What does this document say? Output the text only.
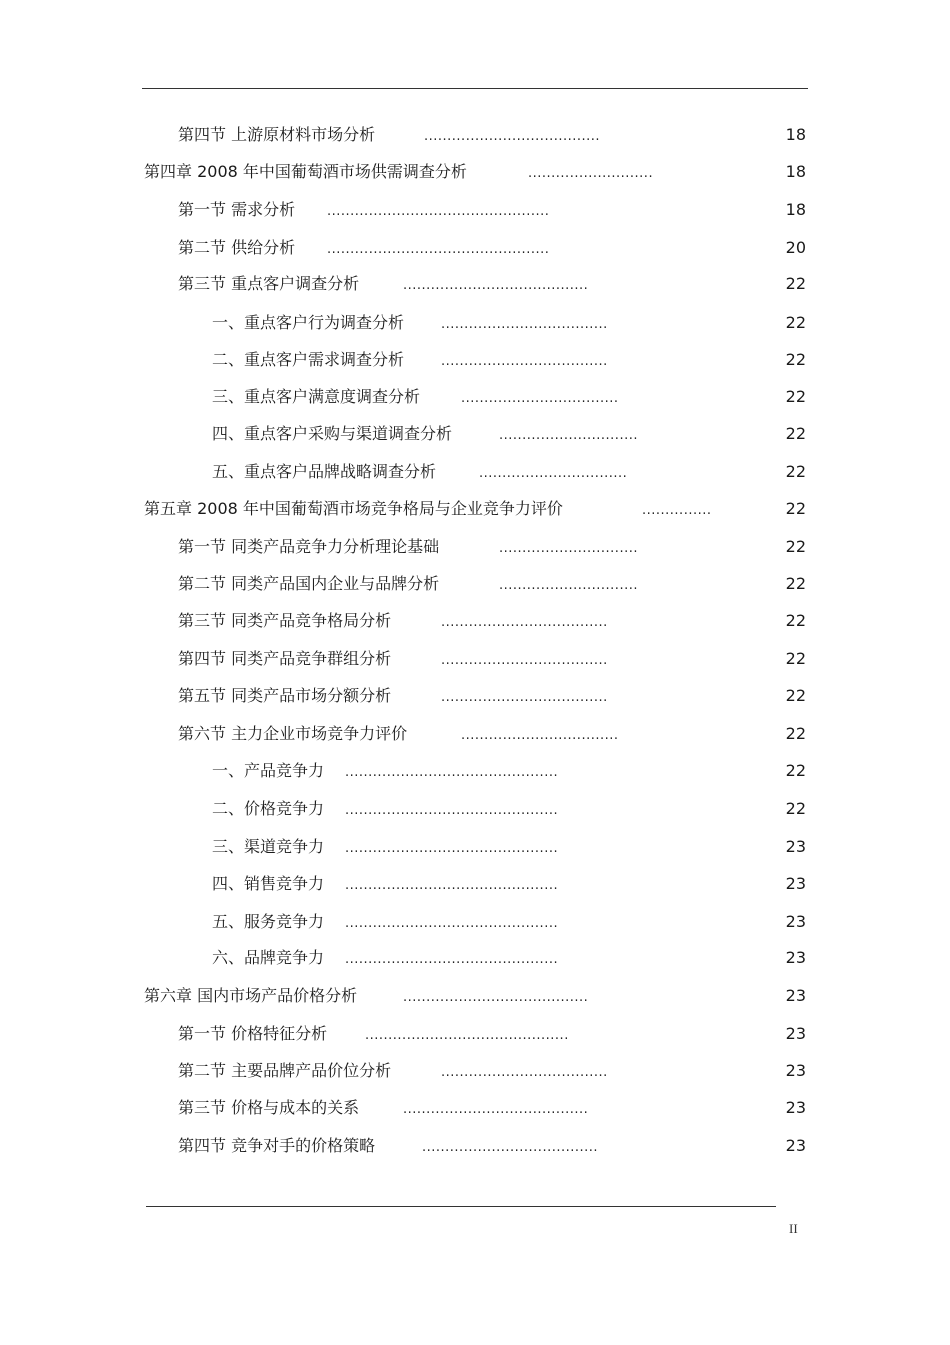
第四节 上游原材料市场分析	......................................	18
第四章 2008 年中国葡萄酒市场供需调查分析	...........................	18
第一节 需求分析 ................................................	18
第二节 供给分析 ................................................	20
第三节 重点客户调查分析	........................................	22
一、重点客户行为调查分析	....................................	22
二、重点客户需求调查分析	....................................	22
三、重点客户满意度调查分析	..................................	22
四、重点客户采购与渠道调查分析	..............................	22
五、重点客户品牌战略调查分析	................................	22
第五章 2008 年中国葡萄酒市场竞争格局与企业竞争力评价	...............	22
第一节 同类产品竞争力分析理论基础	..............................	22
第二节 同类产品国内企业与品牌分析	..............................	22
第三节 同类产品竞争格局分析	....................................	22
第四节 同类产品竞争群组分析	....................................	22
第五节 同类产品市场分额分析	....................................	22
第六节 主力企业市场竞争力评价	..................................	22
一、产品竞争力 ..............................................	22
二、价格竞争力 ..............................................	22
三、渠道竞争力 ..............................................	23
四、销售竞争力 ..............................................	23
五、服务竞争力 ..............................................	23
六、品牌竞争力 ..............................................	23
第六章 国内市场产品价格分析	........................................	23
第一节 价格特征分析	............................................	23
第二节 主要品牌产品价位分析	....................................	23
第三节 价格与成本的关系	........................................	23
第四节 竞争对手的价格策略	......................................	23
II
